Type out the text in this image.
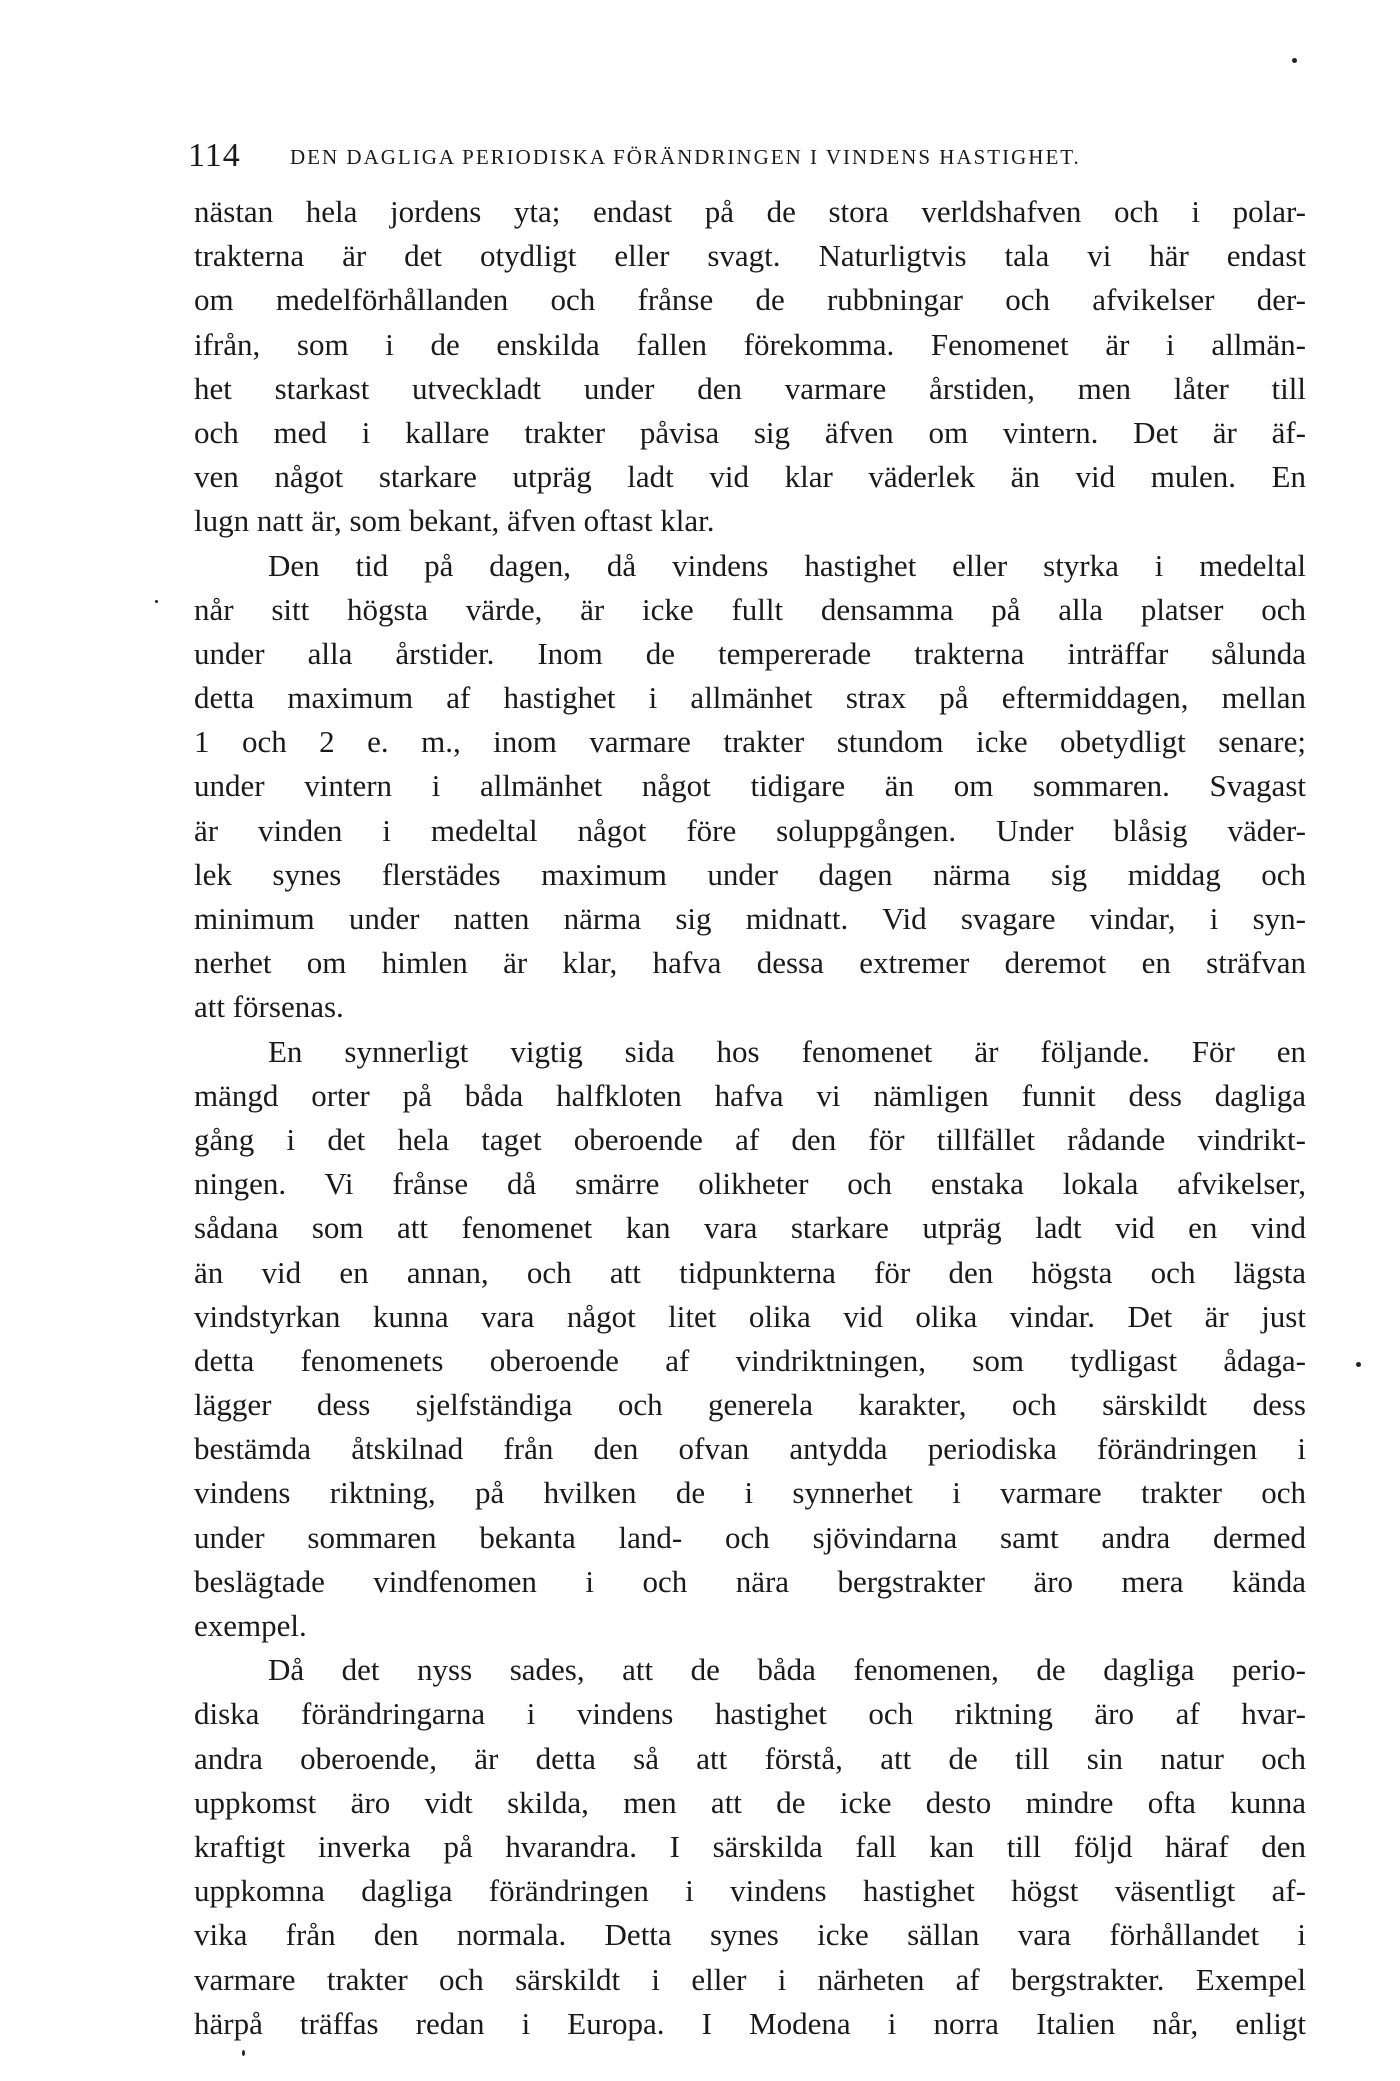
114 DEN DAGLIGA PERIODISKA FÖRÄNDRINGEN I VINDENS HASTIGHET.
nästan hela jordens yta; endast på de stora verldshafven och i polar-
trakterna är det otydligt eller svagt. Naturligtvis tala vi här endast
om medelförhållanden och frånse de rubbningar och afvikelser der-
ifrån, som i de enskilda fallen förekomma. Fenomenet är i allmän-
het starkast utveckladt under den varmare årstiden, men låter till
och med i kallare trakter påvisa sig äfven om vintern. Det är äf-
ven något starkare utpräg ladt vid klar väderlek än vid mulen. En
lugn natt är, som bekant, äfven oftast klar.
Den tid på dagen, då vindens hastighet eller styrka i medeltal
når sitt högsta värde, är icke fullt densamma på alla platser och
under alla årstider. Inom de tempererade trakterna inträffar sålunda
detta maximum af hastighet i allmänhet strax på eftermiddagen, mellan
1 och 2 e. m., inom varmare trakter stundom icke obetydligt senare;
under vintern i allmänhet något tidigare än om sommaren. Svagast
är vinden i medeltal något före soluppgången. Under blåsig väder-
lek synes flerstädes maximum under dagen närma sig middag och
minimum under natten närma sig midnatt. Vid svagare vindar, i syn-
nerhet om himlen är klar, hafva dessa extremer deremot en sträfvan
att försenas.
En synnerligt vigtig sida hos fenomenet är följande. För en
mängd orter på båda halfkloten hafva vi nämligen funnit dess dagliga
gång i det hela taget oberoende af den för tillfället rådande vindrikt-
ningen. Vi frånse då smärre olikheter och enstaka lokala afvikelser,
sådana som att fenomenet kan vara starkare utpräg ladt vid en vind
än vid en annan, och att tidpunkterna för den högsta och lägsta
vindstyrkan kunna vara något litet olika vid olika vindar. Det är just
detta fenomenets oberoende af vindriktningen, som tydligast ådaga-
lägger dess sjelfständiga och generela karakter, och särskildt dess
bestämda åtskilnad från den ofvan antydda periodiska förändringen i
vindens riktning, på hvilken de i synnerhet i varmare trakter och
under sommaren bekanta land- och sjövindarna samt andra dermed
beslägtade vindfenomen i och nära bergstrakter äro mera kända
exempel.
Då det nyss sades, att de båda fenomenen, de dagliga perio-
diska förändringarna i vindens hastighet och riktning äro af hvar-
andra oberoende, är detta så att förstå, att de till sin natur och
uppkomst äro vidt skilda, men att de icke desto mindre ofta kunna
kraftigt inverka på hvarandra. I särskilda fall kan till följd häraf den
uppkomna dagliga förändringen i vindens hastighet högst väsentligt af-
vika från den normala. Detta synes icke sällan vara förhållandet i
varmare trakter och särskildt i eller i närheten af bergstrakter. Exempel
härpå träffas redan i Europa. I Modena i norra Italien når, enligt
